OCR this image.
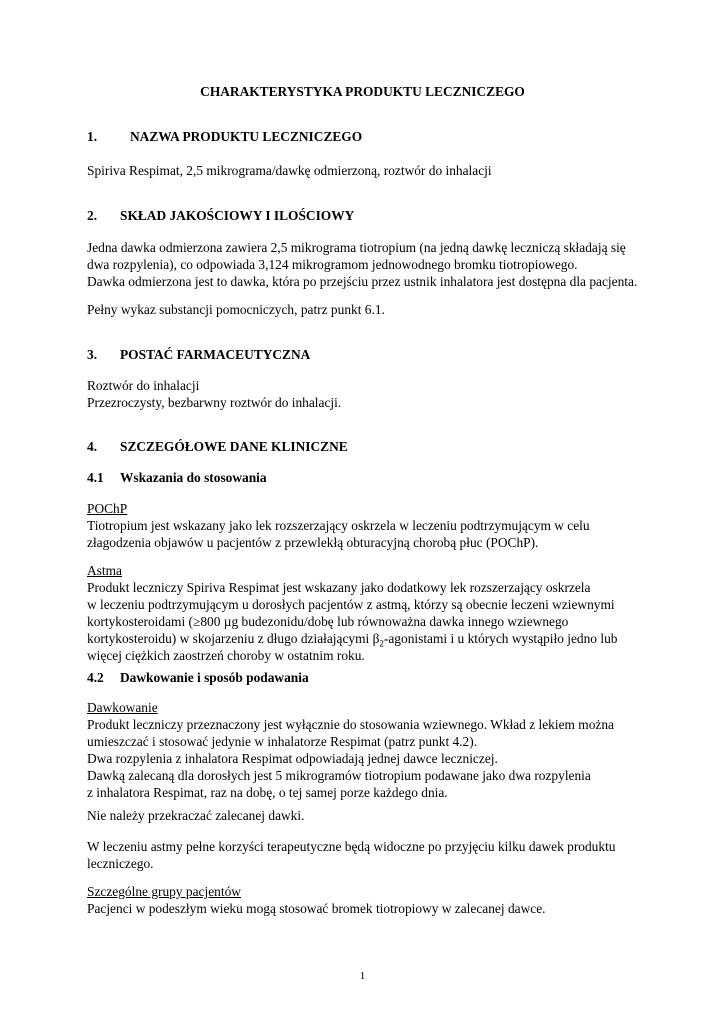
CHARAKTERYSTYKA PRODUKTU LECZNICZEGO
1. NAZWA PRODUKTU LECZNICZEGO

Spiriva Respimat, 2,5 mikrograma/dawkę odmierzoną, roztwór do inhalacji

2. SKŁAD JAKOŚCIOWY I ILOŚCIOWY

Jedna dawka odmierzona zawiera 2,5 mikrograma tiotropium (na jedną dawkę leczniczą składają się

dwa rozpylenia), co odpowiada 3,124 mikrogramom jednowodnego bromku tiotropiowego.

Dawka odmierzona jest to dawka, która po przejściu przez ustnik inhalatora jest dostępna dla pacjenta.

Pełny wykaz substancji pomocniczych, patrz punkt 6.1.

3. POSTAĆ FARMACEUTYCZNA

Roztwór do inhalacji

Przezroczysty, bezbarwny roztwór do inhalacji.

4. SZCZEGÓŁOWE DANE KLINICZNE
4.1 Wskazania do stosowania

POChP

Tiotropium jest wskazany jako lek rozszerzający oskrzela w leczeniu podtrzymującym w celu

złagodzenia objawów u pacjentów z przewlekłą obturacyjną chorobą płuc (POChP).

Astma

Produkt leczniczy Spiriva Respimat jest wskazany jako dodatkowy lek rozszerzający oskrzela

w leczeniu podtrzymującym u dorosłych pacjentów z astmą, którzy są obecnie leczeni wziewnymi

kortykosteroidami (≥800 µg budezonidu/dobę lub równoważna dawka innego wziewnego

kortykosteroidu) w skojarzeniu z długo działającymi $\beta_2$-agonistami i u których wystąpiło jedno lub

więcej ciężkich zaostrzeń choroby w ostatnim roku.

4.2 Dawkowanie i sposób podawania

Dawkowanie

Produkt leczniczy przeznaczony jest wyłącznie do stosowania wziewnego. Wkład z lekiem można

umieszczać i stosować jedynie w inhalatorze Respimat (patrz punkt 4.2).

Dwa rozpylenia z inhalatora Respimat odpowiadają jednej dawce leczniczej.

Dawką zalecaną dla dorosłych jest 5 mikrogramów tiotropium podawane jako dwa rozpylenia

z inhalatora Respimat, raz na dobę, o tej samej porze każdego dnia.

Nie należy przekraczać zalecanej dawki.

W leczeniu astmy pełne korzyści terapeutyczne będą widoczne po przyjęciu kilku dawek produktu

leczniczego.

Szczególne grupy pacjentów

Pacjenci w podeszłym wieku mogą stosować bromek tiotropiowy w zalecanej dawce.

1
